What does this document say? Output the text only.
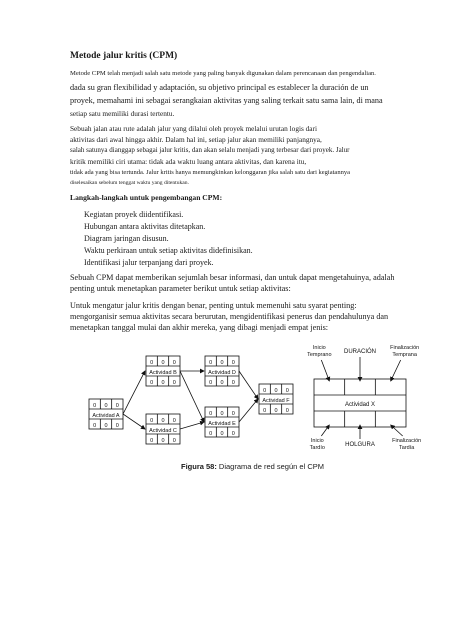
Metode jalur kritis (CPM)
Metode CPM telah menjadi salah satu metode yang paling banyak digunakan dalam perencanaan dan pengendalian.
dada su gran flexibilidad y adaptación, su objetivo principal es establecer la duración de un
proyek, memahami ini sebagai serangkaian aktivitas yang saling terkait satu sama lain, di mana
setiap satu memiliki durasi tertentu.
Sebuah jalan atau rute adalah jalur yang dilalui oleh proyek melalui urutan logis dari
aktivitas dari awal hingga akhir. Dalam hal ini, setiap jalur akan memiliki panjangnya,
salah satunya dianggap sebagai jalur kritis, dan akan selalu menjadi yang terbesar dari proyek. Jalur
kritik memiliki ciri utama: tidak ada waktu luang antara aktivitas, dan karena itu,
tidak ada yang bisa tertunda. Jalur kritis hanya memungkinkan kelonggaran jika salah satu dari kegiatannya
diselesaikan sebelum tenggat waktu yang ditentukan.
Langkah-langkah untuk pengembangan CPM:
Kegiatan proyek diidentifikasi.
Hubungan antara aktivitas ditetapkan.
Diagram jaringan disusun.
Waktu perkiraan untuk setiap aktivitas didefinisikan.
Identifikasi jalur terpanjang dari proyek.
Sebuah CPM dapat memberikan sejumlah besar informasi, dan untuk dapat mengetahuinya, adalah
penting untuk menetapkan parameter berikut untuk setiap aktivitas:
Untuk mengatur jalur kritis dengan benar, penting untuk memenuhi satu syarat penting:
mengorganisir semua aktivitas secara berurutan, mengidentifikasi penerus dan pendahulunya dan
menetapkan tanggal mulai dan akhir mereka, yang dibagi menjadi empat jenis:
0
0
0
0
0
0
Actividad A
0
0
0
0
0
0
Actividad B
0
0
0
0
0
0
Actividad C
0
0
0
0
0
0
Actividad D
0
0
0
0
0
0
Actividad E
0
0
0
0
0
0
Actividad F
Actividad X
Inicio
Temprano DURACIÓN
Finalización
Temprana
Inicio
Tardío	HOLGURA
Finalización
Tardía
Figura 58: Diagrama de red según el CPM
